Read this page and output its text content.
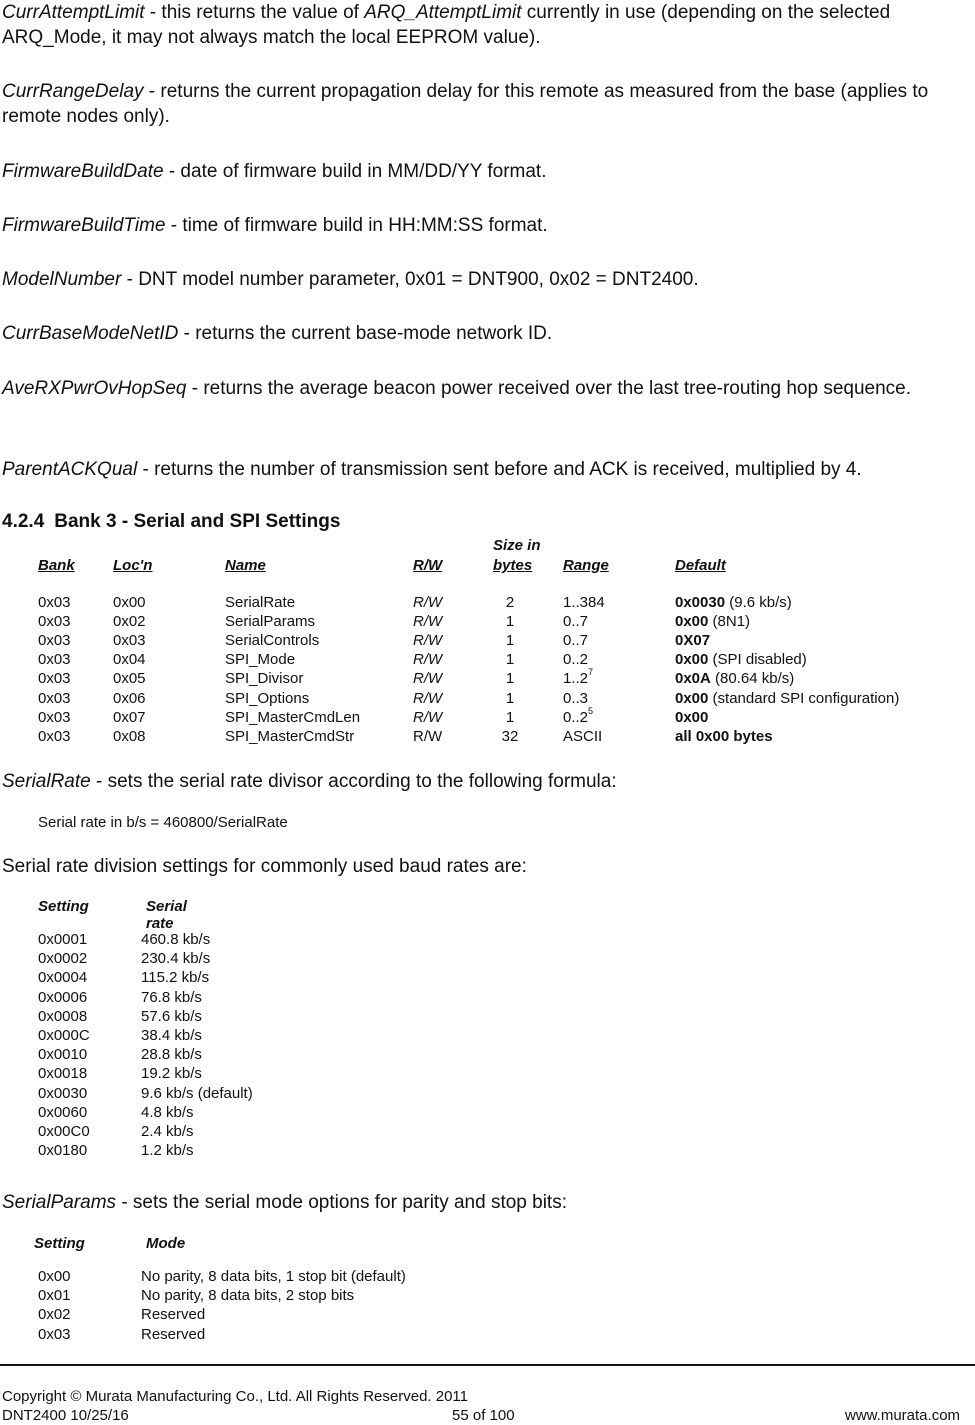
CurrAttemptLimit - this returns the value of ARQ_AttemptLimit currently in use (depending on the selected ARQ_Mode, it may not always match the local EEPROM value).

CurrRangeDelay - returns the current propagation delay for this remote as measured from the base (applies to remote nodes only).

FirmwareBuildDate - date of firmware build in MM/DD/YY format.

FirmwareBuildTime - time of firmware build in HH:MM:SS format.

ModelNumber - DNT model number parameter, 0x01 = DNT900, 0x02 = DNT2400.

CurrBaseModeNetID - returns the current base-mode network ID.

AveRXPwrOvHopSeq - returns the average beacon power received over the last tree-routing hop sequence.

ParentACKQual - returns the number of transmission sent before and ACK is received, multiplied by 4.

4.2.4 Bank 3 - Serial and SPI Settings

Size in
Bank	Loc'n	Name	R/W	bytes Range	Default
0x03	0x00	SerialRate	R/W	2	1..384	0x0030 (9.6 kb/s)
0x03	0x02	SerialParams	R/W	1	0..7	0x00 (8N1)
0x03	0x03	SerialControls	R/W	1	0..7	0X07
0x03	0x04	SPI_Mode	R/W	1	0..2	0x00 (SPI disabled)
0x03	0x05	SPI_Divisor	R/W	1	1..2$^7$	0x0A (80.64 kb/s)
0x03	0x06	SPI_Options	R/W	1	0..3	0x00 (standard SPI configuration)
0x03	0x07	SPI_MasterCmdLen	R/W	1	0..2$^5$	0x00
0x03	0x08	SPI_MasterCmdStr	R/W	32	ASCII	all 0x00 bytes

SerialRate - sets the serial rate divisor according to the following formula:

Serial rate in b/s = 460800/SerialRate

Serial rate division settings for commonly used baud rates are:

Setting	Serial rate
0x0001	460.8 kb/s
0x0002	230.4 kb/s
0x0004	115.2 kb/s
0x0006	76.8 kb/s
0x0008	57.6 kb/s
0x000C	38.4 kb/s
0x0010	28.8 kb/s
0x0018	19.2 kb/s
0x0030	9.6 kb/s (default)
0x0060	4.8 kb/s
0x00C0	2.4 kb/s
0x0180	1.2 kb/s

SerialParams - sets the serial mode options for parity and stop bits:

Setting	Mode
0x00	No parity, 8 data bits, 1 stop bit (default)
0x01	No parity, 8 data bits, 2 stop bits
0x02	Reserved
0x03	Reserved

Copyright © Murata Manufacturing Co., Ltd. All Rights Reserved. 2011

DNT2400 10/25/16	55 of 100	www.murata.com
